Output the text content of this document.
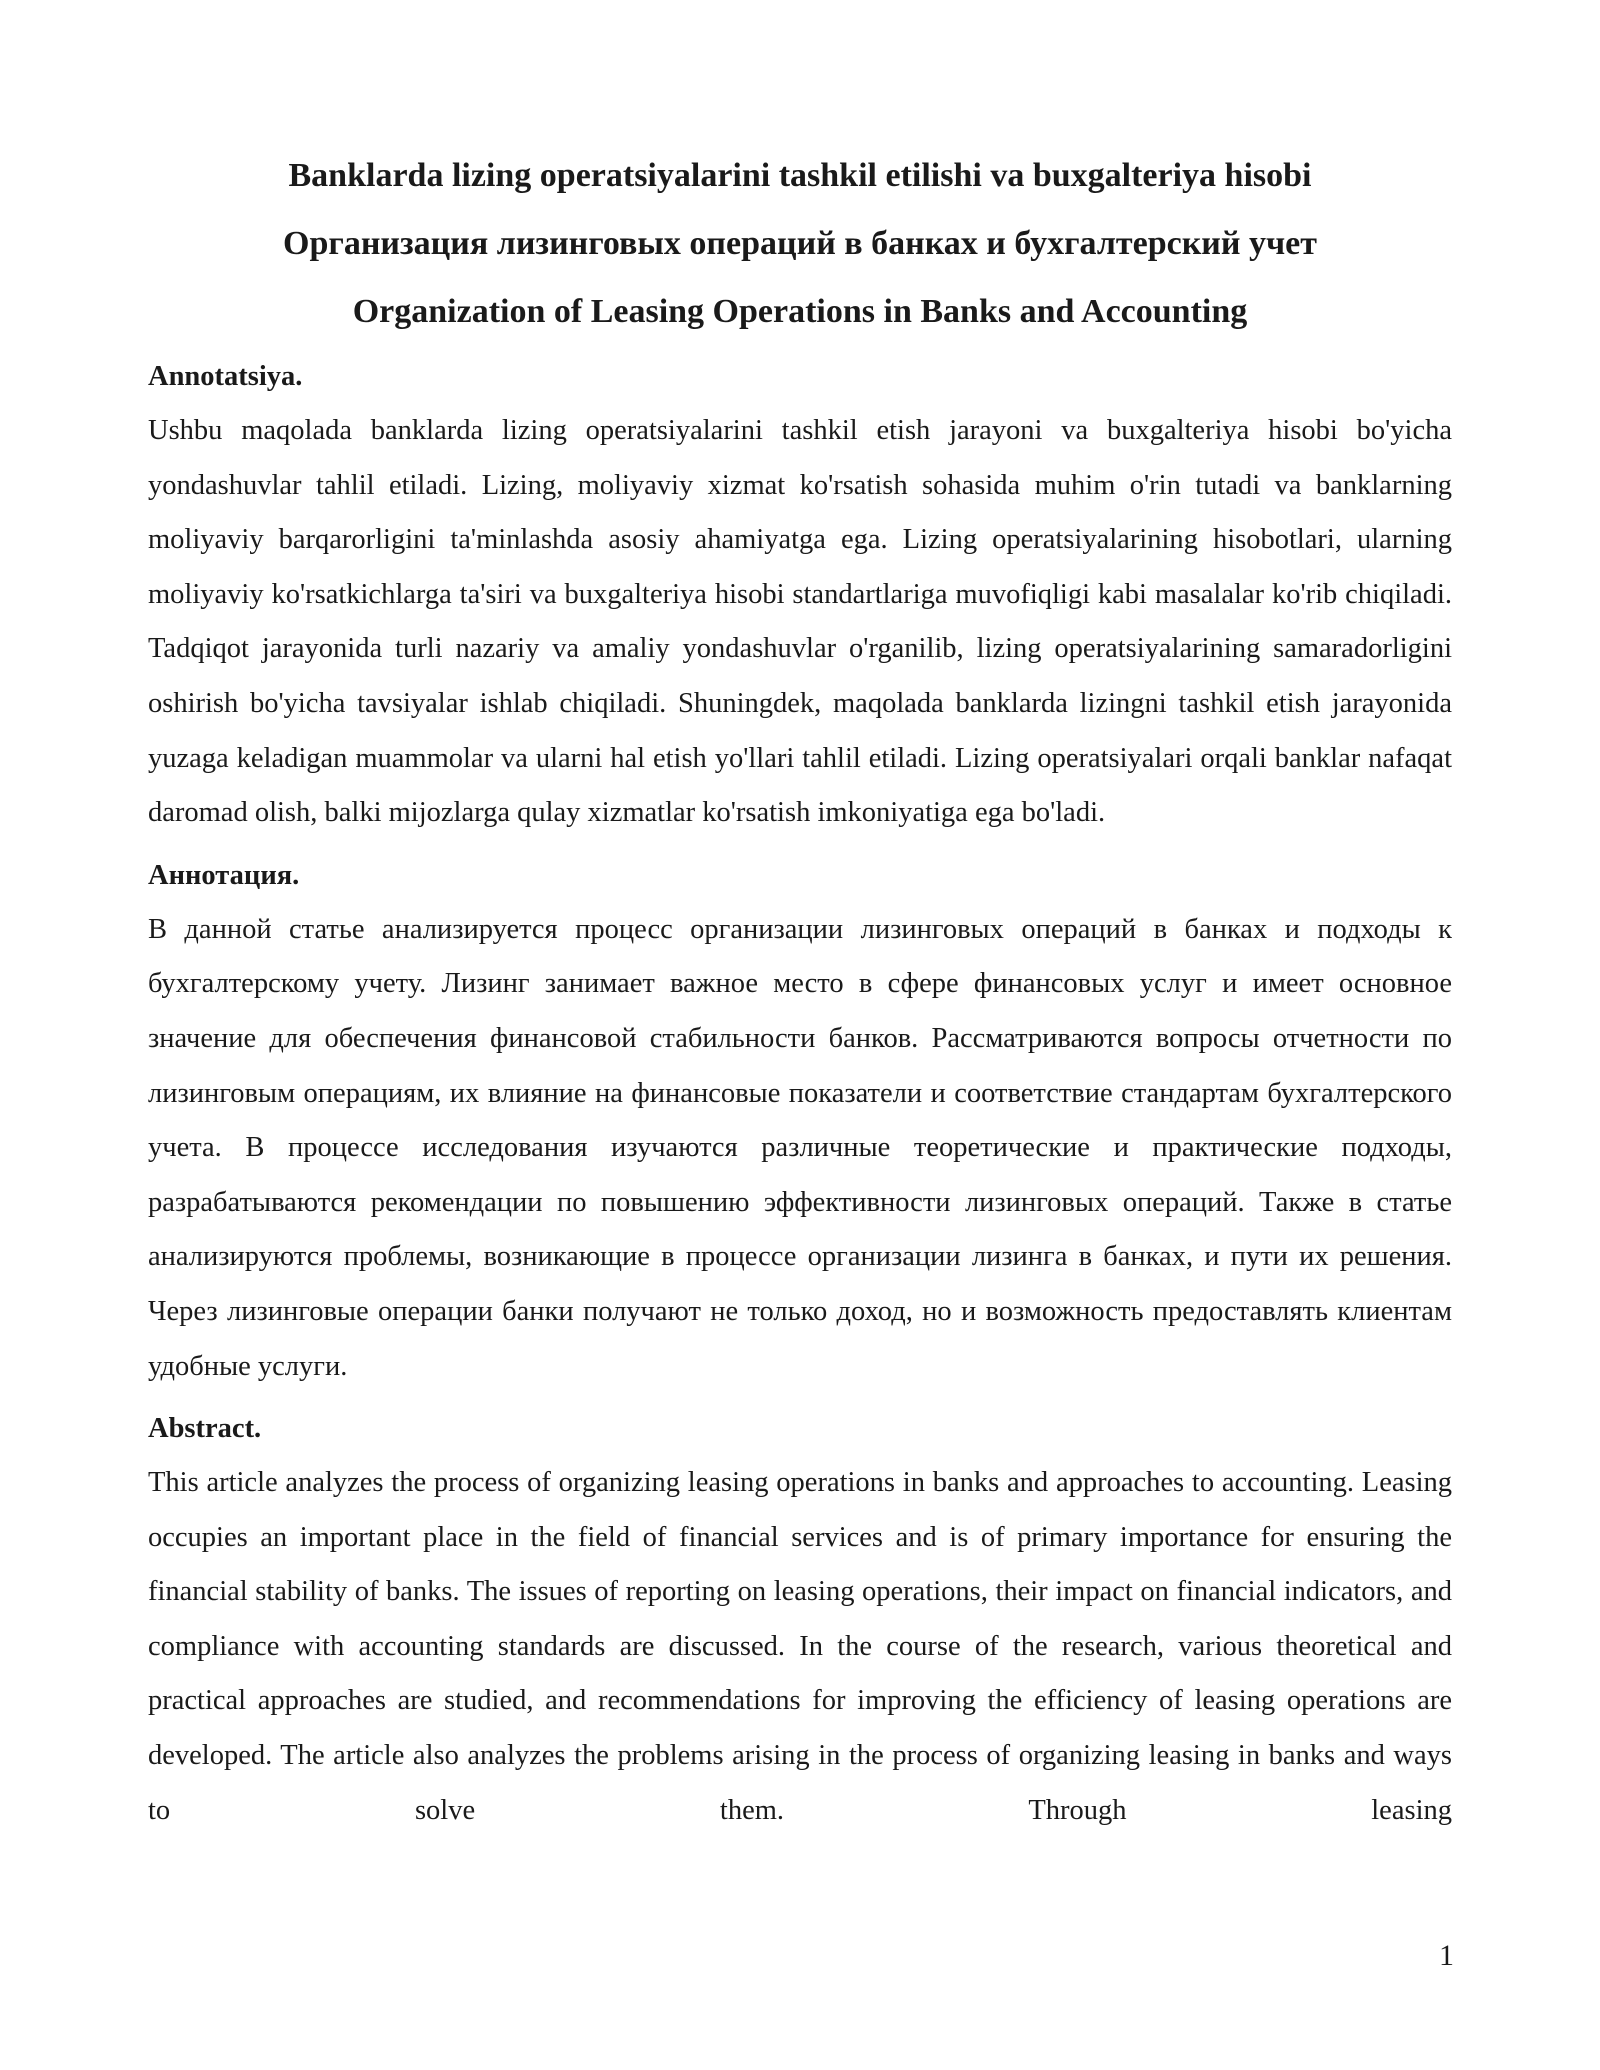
Banklarda lizing operatsiyalarini tashkil etilishi va buxgalteriya hisobi
Организация лизинговых операций в банках и бухгалтерский учет
Organization of Leasing Operations in Banks and Accounting
Annotatsiya.

Ushbu maqolada banklarda lizing operatsiyalarini tashkil etish jarayoni va buxgalteriya hisobi bo'yicha yondashuvlar tahlil etiladi. Lizing, moliyaviy xizmat ko'rsatish sohasida muhim o'rin tutadi va banklarning moliyaviy barqarorligini ta'minlashda asosiy ahamiyatga ega. Lizing operatsiyalarining hisobotlari, ularning moliyaviy ko'rsatkichlarga ta'siri va buxgalteriya hisobi standartlariga muvofiqligi kabi masalalar ko'rib chiqiladi. Tadqiqot jarayonida turli nazariy va amaliy yondashuvlar o'rganilib, lizing operatsiyalarining samaradorligini oshirish bo'yicha tavsiyalar ishlab chiqiladi. Shuningdek, maqolada banklarda lizingni tashkil etish jarayonida yuzaga keladigan muammolar va ularni hal etish yo'llari tahlil etiladi. Lizing operatsiyalari orqali banklar nafaqat daromad olish, balki mijozlarga qulay xizmatlar ko'rsatish imkoniyatiga ega bo'ladi.

Аннотация.

В данной статье анализируется процесс организации лизинговых операций в банках и подходы к бухгалтерскому учету. Лизинг занимает важное место в сфере финансовых услуг и имеет основное значение для обеспечения финансовой стабильности банков. Рассматриваются вопросы отчетности по лизинговым операциям, их влияние на финансовые показатели и соответствие стандартам бухгалтерского учета. В процессе исследования изучаются различные теоретические и практические подходы, разрабатываются рекомендации по повышению эффективности лизинговых операций. Также в статье анализируются проблемы, возникающие в процессе организации лизинга в банках, и пути их решения. Через лизинговые операции банки получают не только доход, но и возможность предоставлять клиентам удобные услуги.

Abstract.

This article analyzes the process of organizing leasing operations in banks and approaches to accounting. Leasing occupies an important place in the field of financial services and is of primary importance for ensuring the financial stability of banks. The issues of reporting on leasing operations, their impact on financial indicators, and compliance with accounting standards are discussed. In the course of the research, various theoretical and practical approaches are studied, and recommendations for improving the efficiency of leasing operations are developed. The article also analyzes the problems arising in the process of organizing leasing in banks and ways to solve them. Through leasing

1
